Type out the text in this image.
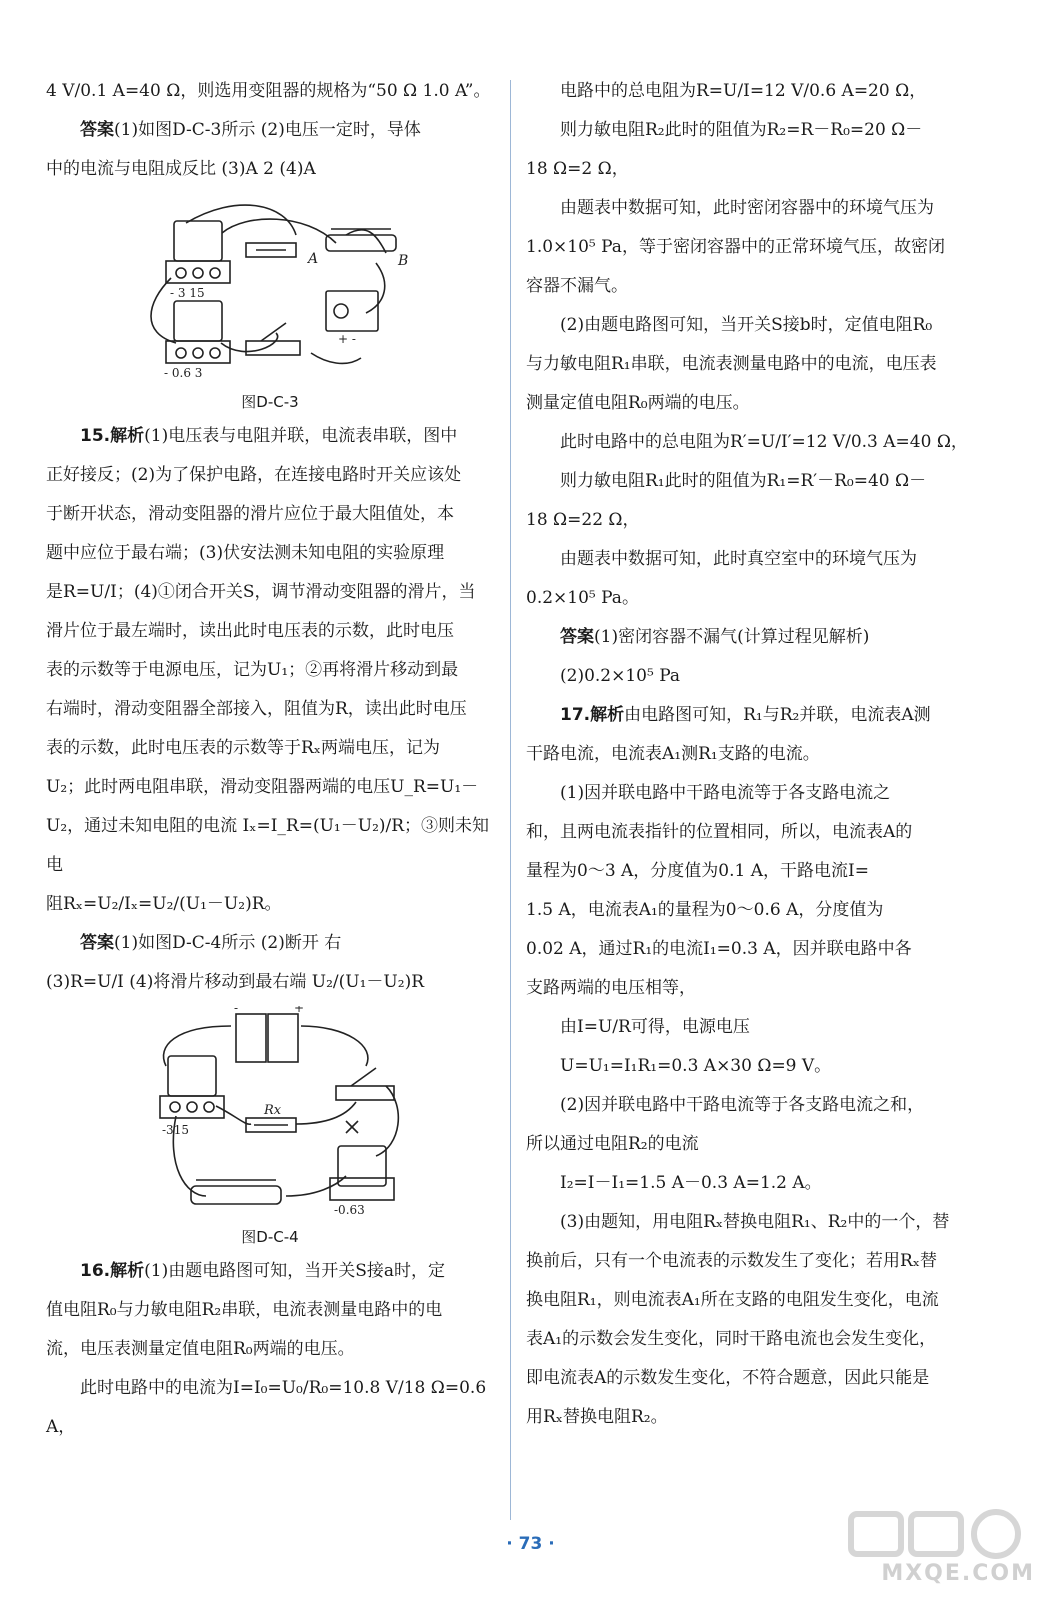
4 V/0.1 A=40 Ω，则选用变阻器的规格为“50 Ω 1.0 A”。

答案(1)如图D-C-3所示 (2)电压一定时，导体

中的电流与电阻成反比 (3)A 2 (4)A

A	B
- 3 15
- 0.6 3
+ -
图D-C-3

15.解析(1)电压表与电阻并联，电流表串联，图中

正好接反；(2)为了保护电路，在连接电路时开关应该处

于断开状态，滑动变阻器的滑片应位于最大阻值处，本

题中应位于最右端；(3)伏安法测未知电阻的实验原理

是R=U/I；(4)①闭合开关S，调节滑动变阻器的滑片，当

滑片位于最左端时，读出此时电压表的示数，此时电压

表的示数等于电源电压，记为U₁；②再将滑片移动到最

右端时，滑动变阻器全部接入，阻值为R，读出此时电压

表的示数，此时电压表的示数等于Rₓ两端电压，记为

U₂；此时两电阻串联，滑动变阻器两端的电压U_R=U₁－

U₂，通过未知电阻的电流 Iₓ=I_R=(U₁－U₂)/R；③则未知电

阻Rₓ=U₂/Iₓ=U₂/(U₁－U₂)R。

答案(1)如图D-C-4所示 (2)断开 右

(3)R=U/I (4)将滑片移动到最右端 U₂/(U₁－U₂)R

-	+
Rx
-315
-0.63
图D-C-4

16.解析(1)由题电路图可知，当开关S接a时，定

值电阻R₀与力敏电阻R₂串联，电流表测量电路中的电

流，电压表测量定值电阻R₀两端的电压。

此时电路中的电流为I=I₀=U₀/R₀=10.8 V/18 Ω=0.6 A，

电路中的总电阻为R=U/I=12 V/0.6 A=20 Ω，

则力敏电阻R₂此时的阻值为R₂=R－R₀=20 Ω－

18 Ω=2 Ω，

由题表中数据可知，此时密闭容器中的环境气压为

1.0×10⁵ Pa，等于密闭容器中的正常环境气压，故密闭

容器不漏气。

(2)由题电路图可知，当开关S接b时，定值电阻R₀

与力敏电阻R₁串联，电流表测量电路中的电流，电压表

测量定值电阻R₀两端的电压。

此时电路中的总电阻为R′=U/I′=12 V/0.3 A=40 Ω，

则力敏电阻R₁此时的阻值为R₁=R′－R₀=40 Ω－

18 Ω=22 Ω，

由题表中数据可知，此时真空室中的环境气压为

0.2×10⁵ Pa。

答案(1)密闭容器不漏气(计算过程见解析)

(2)0.2×10⁵ Pa

17.解析由电路图可知，R₁与R₂并联，电流表A测

干路电流，电流表A₁测R₁支路的电流。

(1)因并联电路中干路电流等于各支路电流之

和，且两电流表指针的位置相同，所以，电流表A的

量程为0～3 A，分度值为0.1 A，干路电流I=

1.5 A，电流表A₁的量程为0～0.6 A，分度值为

0.02 A，通过R₁的电流I₁=0.3 A，因并联电路中各

支路两端的电压相等，

由I=U/R可得，电源电压

U=U₁=I₁R₁=0.3 A×30 Ω=9 V。

(2)因并联电路中干路电流等于各支路电流之和，

所以通过电阻R₂的电流

I₂=I－I₁=1.5 A－0.3 A=1.2 A。

(3)由题知，用电阻Rₓ替换电阻R₁、R₂中的一个，替

换前后，只有一个电流表的示数发生了变化；若用Rₓ替

换电阻R₁，则电流表A₁所在支路的电阻发生变化，电流

表A₁的示数会发生变化，同时干路电流也会发生变化，

即电流表A的示数发生变化，不符合题意，因此只能是

用Rₓ替换电阻R₂。

· 73 ·
MXQE.COM
